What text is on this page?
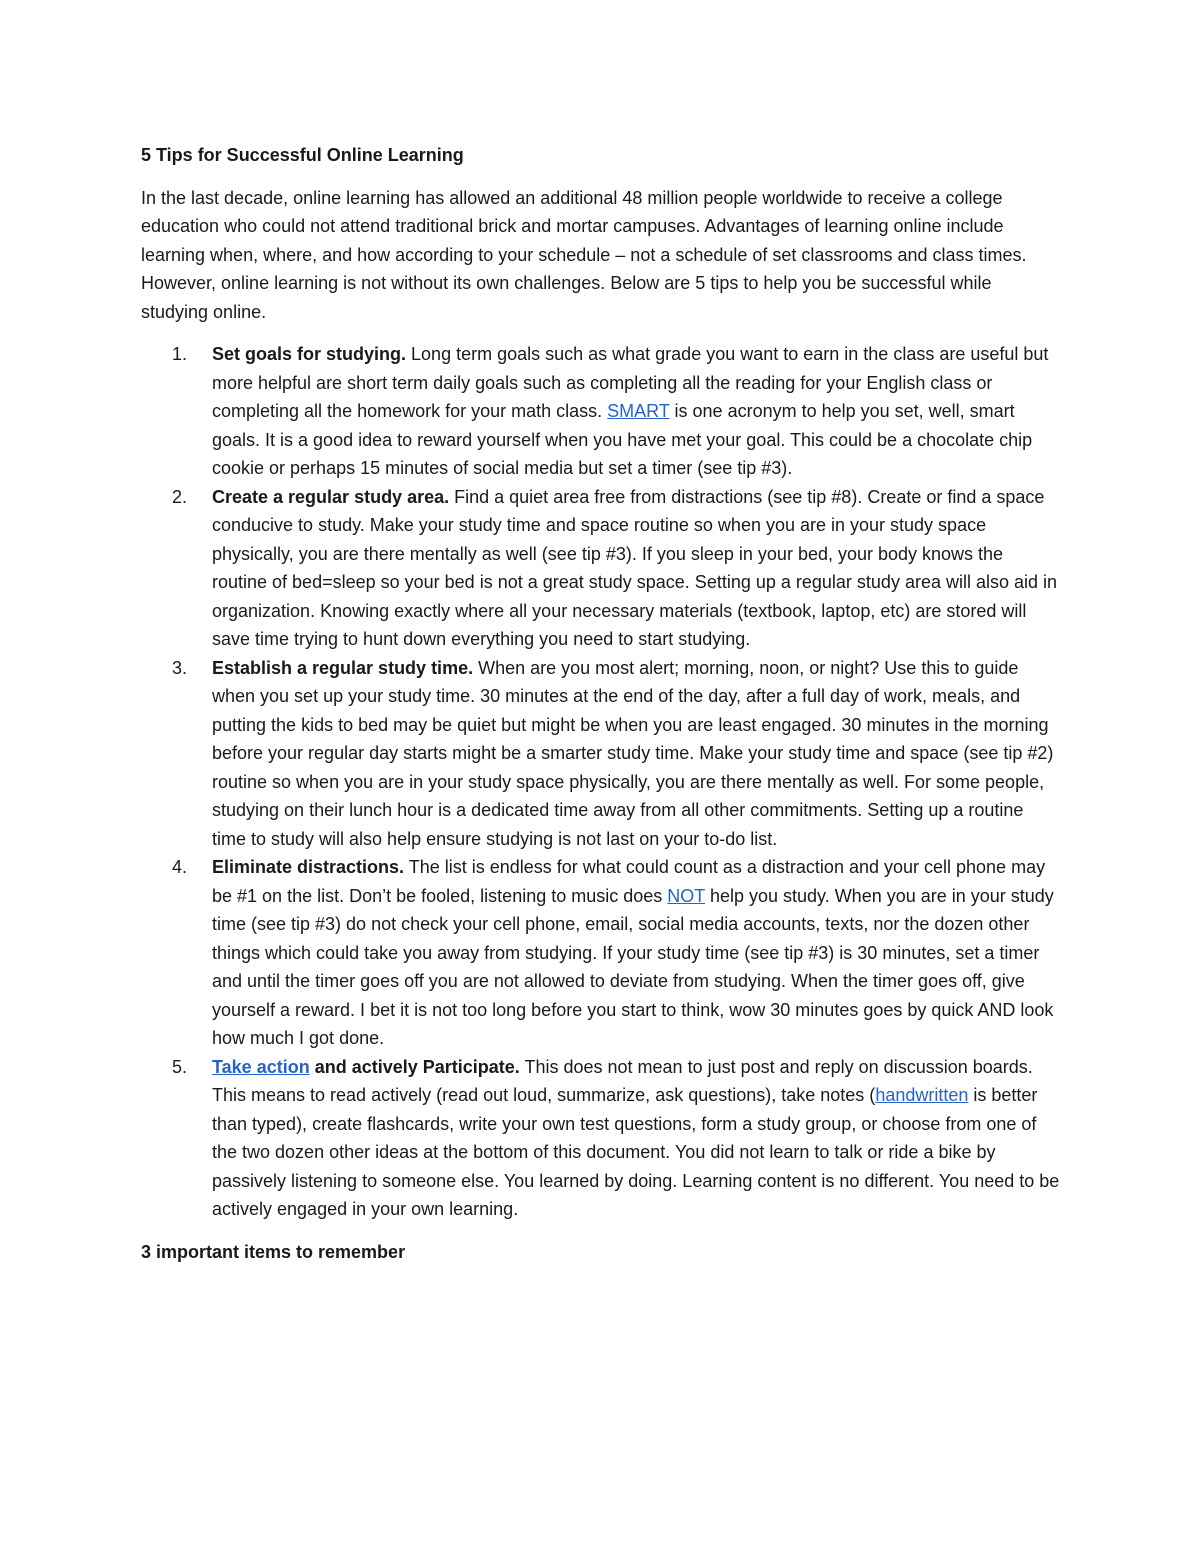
5 Tips for Successful Online Learning

In the last decade, online learning has allowed an additional 48 million people worldwide to receive a college education who could not attend traditional brick and mortar campuses. Advantages of learning online include learning when, where, and how according to your schedule – not a schedule of set classrooms and class times. However, online learning is not without its own challenges. Below are 5 tips to help you be successful while studying online.

1. Set goals for studying. Long term goals such as what grade you want to earn in the class are useful but more helpful are short term daily goals such as completing all the reading for your English class or completing all the homework for your math class. SMART is one acronym to help you set, well, smart goals. It is a good idea to reward yourself when you have met your goal. This could be a chocolate chip cookie or perhaps 15 minutes of social media but set a timer (see tip #3).
2. Create a regular study area. Find a quiet area free from distractions (see tip #8). Create or find a space conducive to study. Make your study time and space routine so when you are in your study space physically, you are there mentally as well (see tip #3). If you sleep in your bed, your body knows the routine of bed=sleep so your bed is not a great study space. Setting up a regular study area will also aid in organization. Knowing exactly where all your necessary materials (textbook, laptop, etc) are stored will save time trying to hunt down everything you need to start studying.
3. Establish a regular study time. When are you most alert; morning, noon, or night? Use this to guide when you set up your study time. 30 minutes at the end of the day, after a full day of work, meals, and putting the kids to bed may be quiet but might be when you are least engaged. 30 minutes in the morning before your regular day starts might be a smarter study time. Make your study time and space (see tip #2) routine so when you are in your study space physically, you are there mentally as well. For some people, studying on their lunch hour is a dedicated time away from all other commitments. Setting up a routine time to study will also help ensure studying is not last on your to-do list.
4. Eliminate distractions. The list is endless for what could count as a distraction and your cell phone may be #1 on the list. Don’t be fooled, listening to music does NOT help you study. When you are in your study time (see tip #3) do not check your cell phone, email, social media accounts, texts, nor the dozen other things which could take you away from studying. If your study time (see tip #3) is 30 minutes, set a timer and until the timer goes off you are not allowed to deviate from studying. When the timer goes off, give yourself a reward. I bet it is not too long before you start to think, wow 30 minutes goes by quick AND look how much I got done.
5. Take action and actively Participate. This does not mean to just post and reply on discussion boards. This means to read actively (read out loud, summarize, ask questions), take notes (handwritten is better than typed), create flashcards, write your own test questions, form a study group, or choose from one of the two dozen other ideas at the bottom of this document. You did not learn to talk or ride a bike by passively listening to someone else. You learned by doing. Learning content is no different. You need to be actively engaged in your own learning.

3 important items to remember
